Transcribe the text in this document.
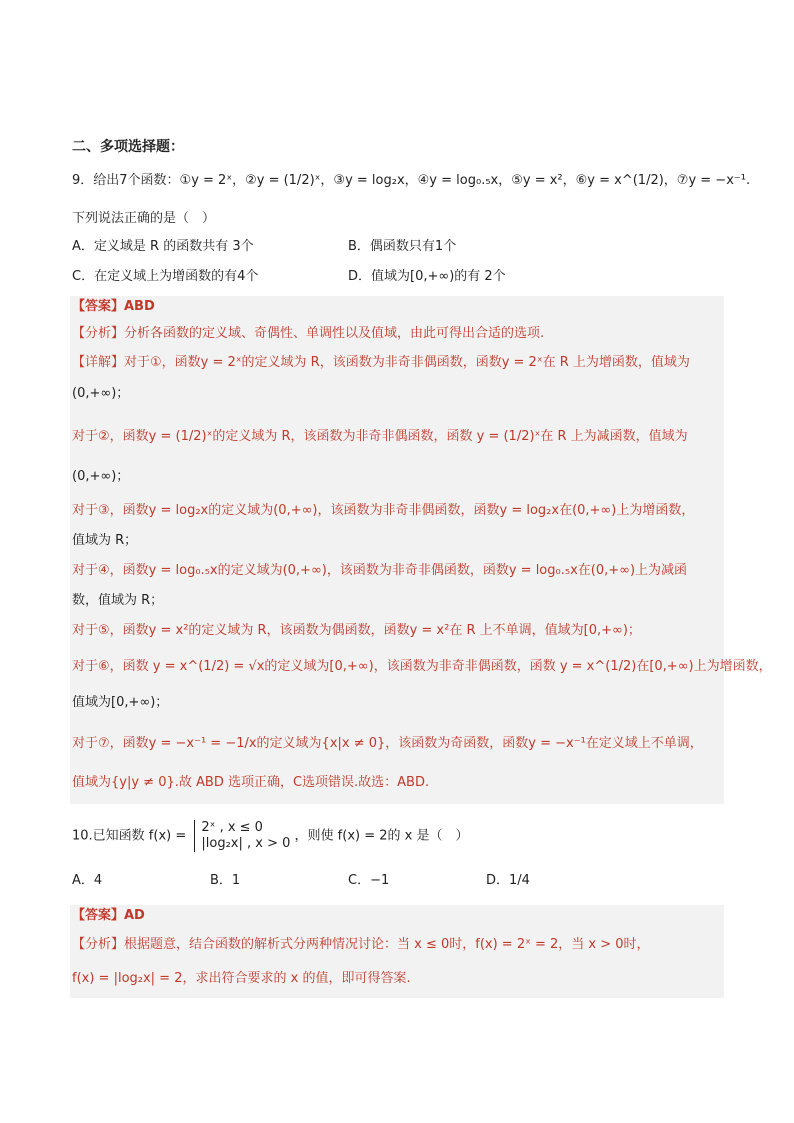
二、多项选择题：
9．给出7个函数：①y = 2ˣ，②y = (1/2)ˣ，③y = log₂x，④y = log₀.₅x，⑤y = x²，⑥y = x^(1/2)，⑦y = −x⁻¹.
下列说法正确的是（　）
A．定义域是 R 的函数共有 3个	B．偶函数只有1个
C．在定义域上为增函数的有4个	D．值域为[0,+∞)的有 2个
【答案】ABD
【分析】分析各函数的定义域、奇偶性、单调性以及值域，由此可得出合适的选项.
【详解】对于①，函数y = 2ˣ的定义域为 R，该函数为非奇非偶函数，函数y = 2ˣ在 R 上为增函数，值域为
(0,+∞)；
对于②，函数y = (1/2)ˣ的定义域为 R，该函数为非奇非偶函数，函数 y = (1/2)ˣ在 R 上为减函数，值域为
(0,+∞)；
对于③，函数y = log₂x的定义域为(0,+∞)，该函数为非奇非偶函数，函数y = log₂x在(0,+∞)上为增函数，
值域为 R；
对于④，函数y = log₀.₅x的定义域为(0,+∞)，该函数为非奇非偶函数，函数y = log₀.₅x在(0,+∞)上为减函
数，值域为 R；
对于⑤，函数y = x²的定义域为 R，该函数为偶函数，函数y = x²在 R 上不单调，值域为[0,+∞)；
对于⑥，函数 y = x^(1/2) = √x的定义域为[0,+∞)，该函数为非奇非偶函数，函数 y = x^(1/2)在[0,+∞)上为增函数，
值域为[0,+∞)；
对于⑦，函数y = −x⁻¹ = −1/x的定义域为{x|x ≠ 0}，该函数为奇函数，函数y = −x⁻¹在定义域上不单调，
值域为{y|y ≠ 0}.故 ABD 选项正确，C选项错误.故选：ABD.
10.已知函数 f(x) =
2ˣ , x ≤ 0
|log₂x| , x > 0 ，则使 f(x) = 2的 x 是（　）
A．4	B．1	C．−1	D．1/4
【答案】AD
【分析】根据题意，结合函数的解析式分两种情况讨论：当 x ≤ 0时，f(x) = 2ˣ = 2，当 x > 0时，
f(x) = |log₂x| = 2，求出符合要求的 x 的值，即可得答案.
